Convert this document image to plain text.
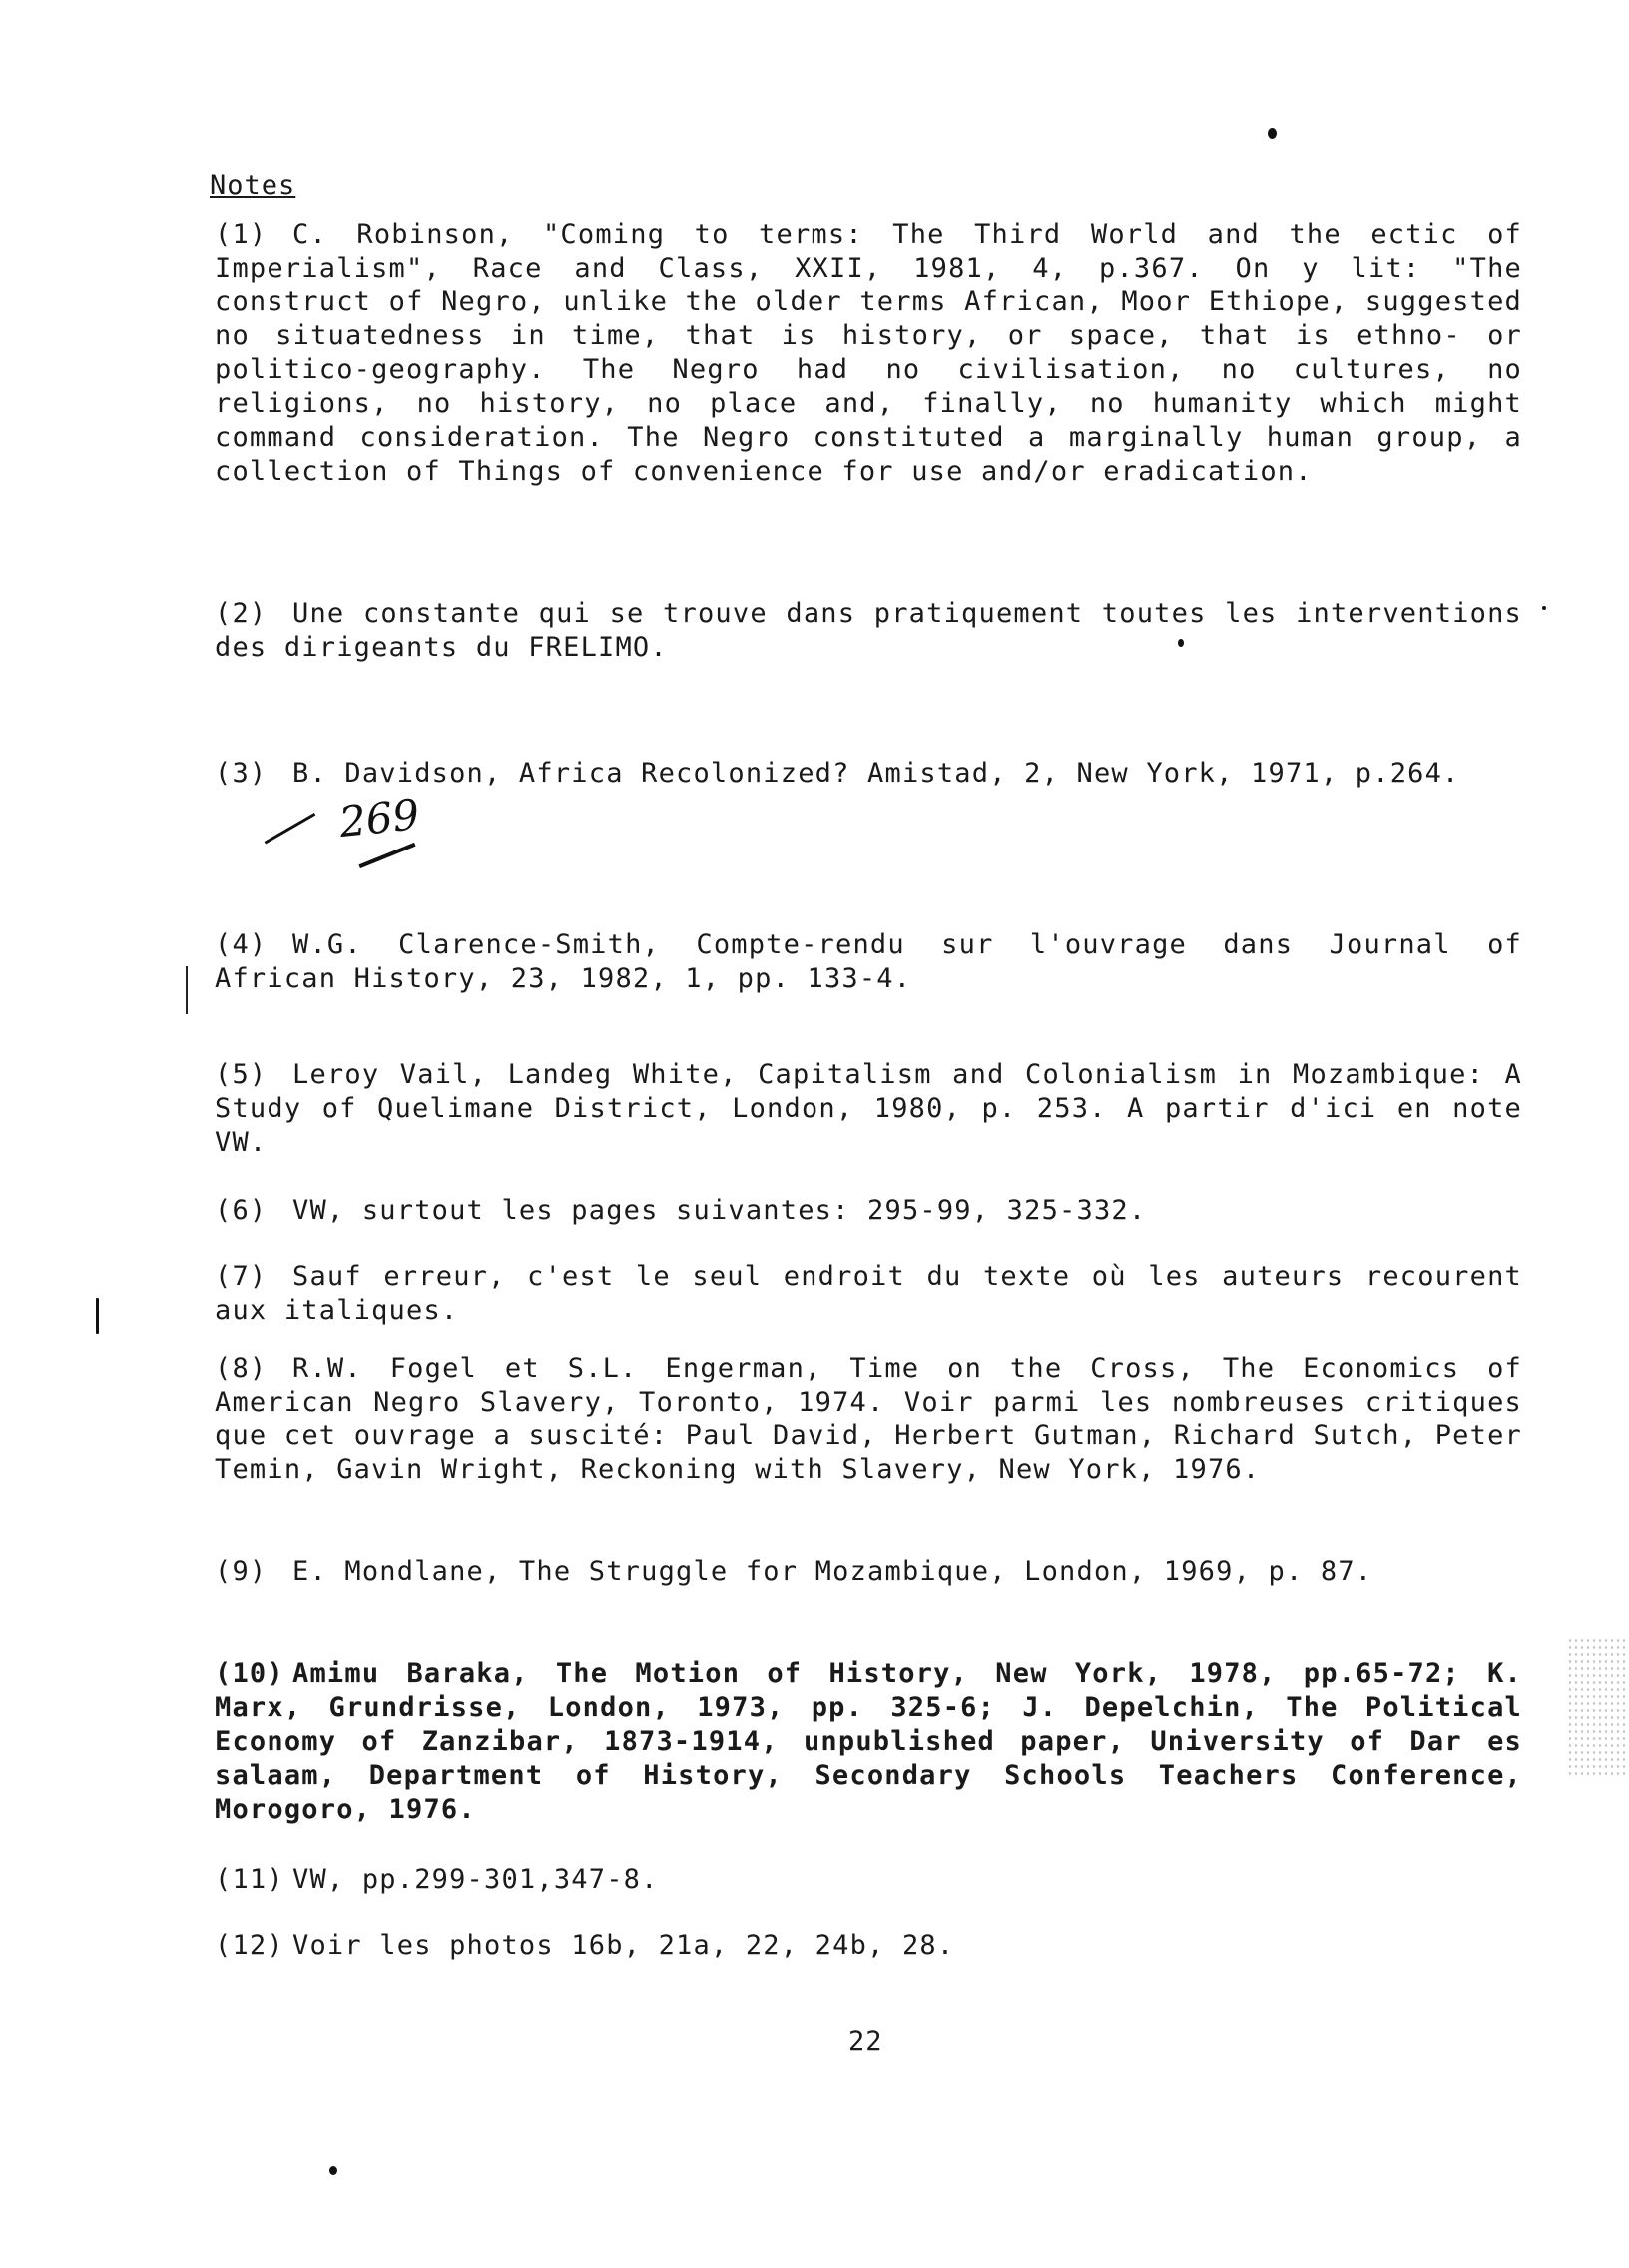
Notes
(1) C. Robinson, "Coming to terms: The Third World and the ectic of Imperialism", Race and Class, XXII, 1981, 4, p.367. On y lit: "The construct of Negro, unlike the older terms African, Moor Ethiope, suggested no situatedness in time, that is history, or space, that is ethno- or politico-geography. The Negro had no civilisation, no cultures, no religions, no history, no place and, finally, no humanity which might command consideration. The Negro constituted a marginally human group, a collection of Things of convenience for use and/or eradication.
(2) Une constante qui se trouve dans pratiquement toutes les interventions des dirigeants du FRELIMO.
(3) B. Davidson, Africa Recolonized? Amistad, 2, New York, 1971, p.264.
269
(4) W.G. Clarence-Smith, Compte-rendu sur l'ouvrage dans Journal of African History, 23, 1982, 1, pp. 133-4.
(5) Leroy Vail, Landeg White, Capitalism and Colonialism in Mozambique: A Study of Quelimane District, London, 1980, p. 253. A partir d'ici en note VW.
(6) VW, surtout les pages suivantes: 295-99, 325-332.
(7) Sauf erreur, c'est le seul endroit du texte où les auteurs recourent aux italiques.
(8) R.W. Fogel et S.L. Engerman, Time on the Cross, The Economics of American Negro Slavery, Toronto, 1974. Voir parmi les nombreuses critiques que cet ouvrage a suscité: Paul David, Herbert Gutman, Richard Sutch, Peter Temin, Gavin Wright, Reckoning with Slavery, New York, 1976.
(9) E. Mondlane, The Struggle for Mozambique, London, 1969, p. 87.
(10) Amimu Baraka, The Motion of History, New York, 1978, pp.65-72; K. Marx, Grundrisse, London, 1973, pp. 325-6; J. Depelchin, The Political Economy of Zanzibar, 1873-1914, unpublished paper, University of Dar es salaam, Department of History, Secondary Schools Teachers Conference, Morogoro, 1976.
(11) VW, pp.299-301,347-8.
(12) Voir les photos 16b, 21a, 22, 24b, 28.
22
